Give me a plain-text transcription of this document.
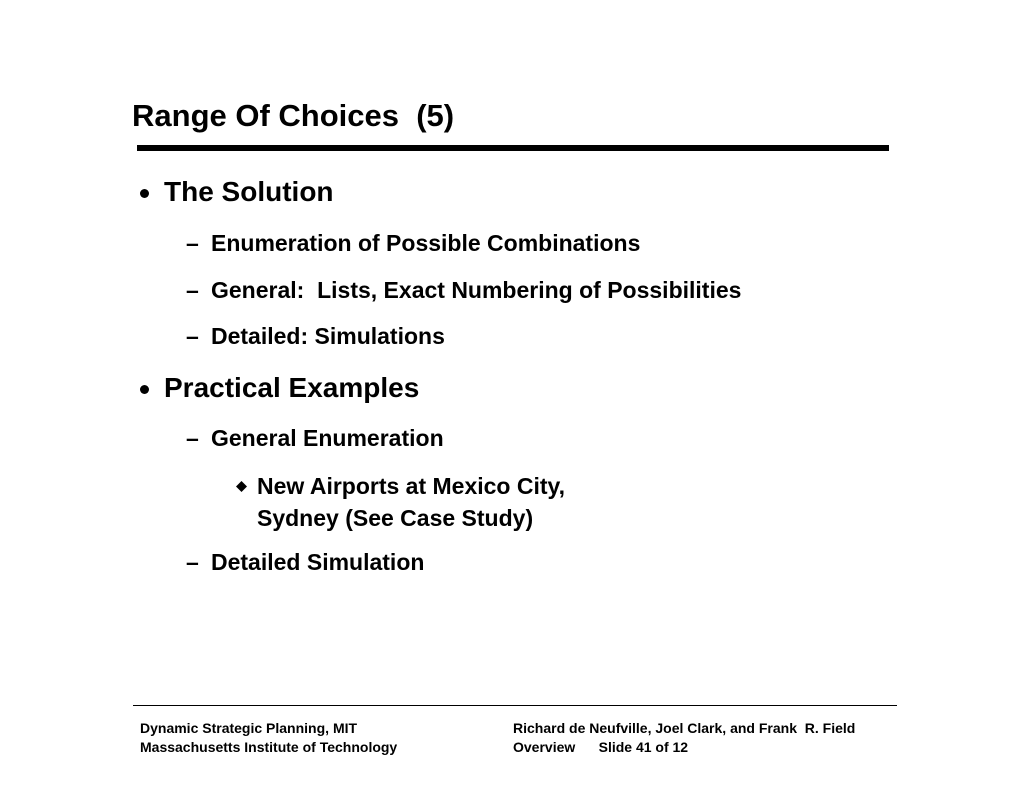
Range Of Choices  (5)

The Solution

–

Enumeration of Possible Combinations

–

General:  Lists, Exact Numbering of Possibilities

–

Detailed: Simulations

Practical Examples

–

General Enumeration

New Airports at Mexico City,
Sydney (See Case Study)

–

Detailed Simulation

Dynamic Strategic Planning, MIT
Massachusetts Institute of Technology
Richard de Neufville, Joel Clark, and Frank  R. Field
Overview      Slide 41 of 12
